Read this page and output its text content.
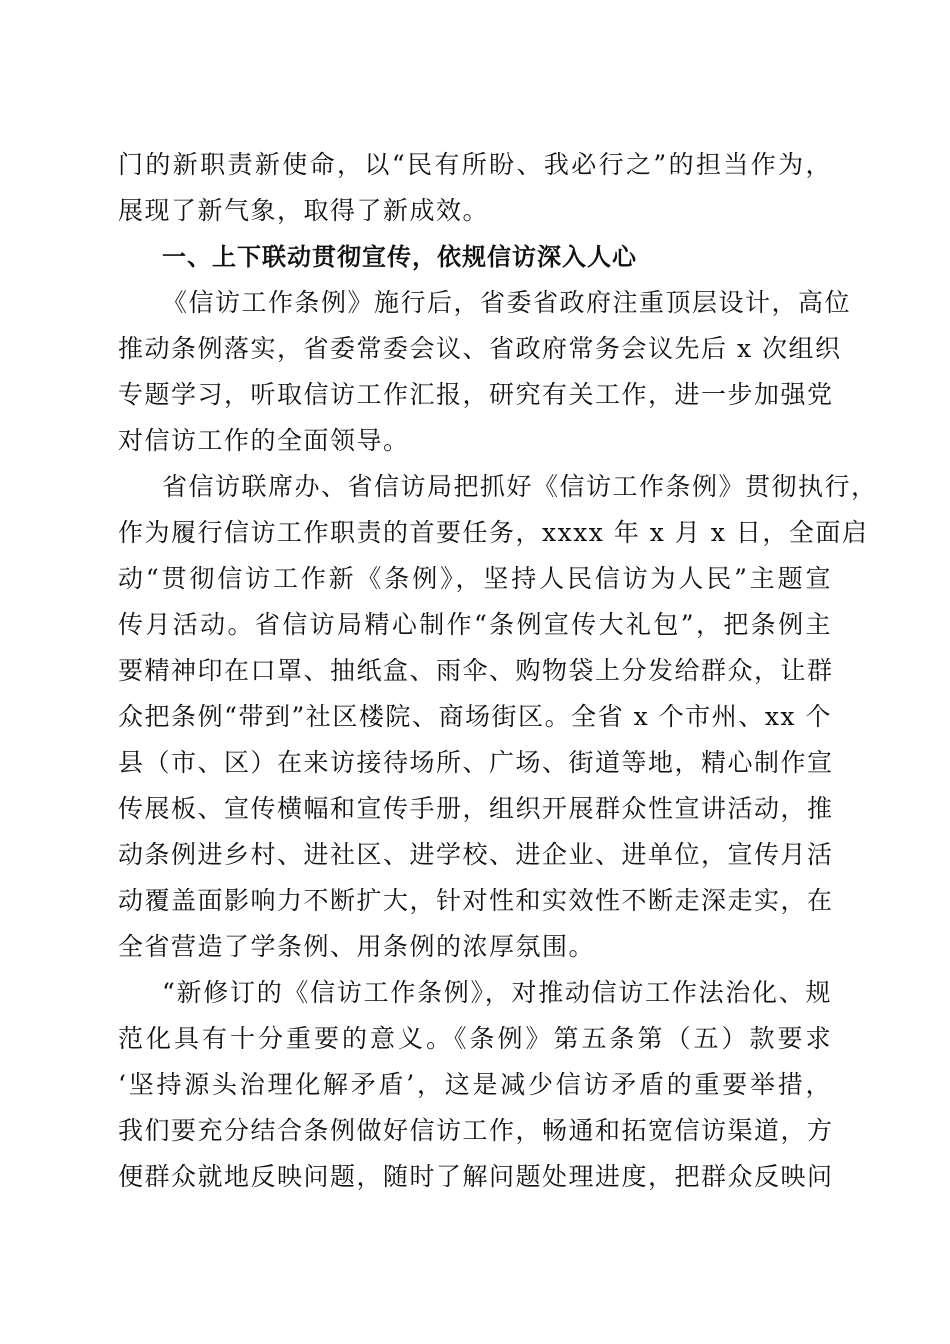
门的新职责新使命，以“民有所盼、我必行之”的担当作为，
展现了新气象，取得了新成效。
一、上下联动贯彻宣传，依规信访深入人心
《信访工作条例》施行后，省委省政府注重顶层设计，高位
推动条例落实，省委常委会议、省政府常务会议先后 x 次组织
专题学习，听取信访工作汇报，研究有关工作，进一步加强党
对信访工作的全面领导。
省信访联席办、省信访局把抓好《信访工作条例》贯彻执行，
作为履行信访工作职责的首要任务，xxxx 年 x 月 x 日，全面启
动“贯彻信访工作新《条例》，坚持人民信访为人民”主题宣
传月活动。省信访局精心制作“条例宣传大礼包”，把条例主
要精神印在口罩、抽纸盒、雨伞、购物袋上分发给群众，让群
众把条例“带到”社区楼院、商场街区。全省 x 个市州、xx 个
县（市、区）在来访接待场所、广场、街道等地，精心制作宣
传展板、宣传横幅和宣传手册，组织开展群众性宣讲活动，推
动条例进乡村、进社区、进学校、进企业、进单位，宣传月活
动覆盖面影响力不断扩大，针对性和实效性不断走深走实，在
全省营造了学条例、用条例的浓厚氛围。
“新修订的《信访工作条例》，对推动信访工作法治化、规
范化具有十分重要的意义。《条例》第五条第（五）款要求
‘坚持源头治理化解矛盾’，这是减少信访矛盾的重要举措，
我们要充分结合条例做好信访工作，畅通和拓宽信访渠道，方
便群众就地反映问题，随时了解问题处理进度，把群众反映问
